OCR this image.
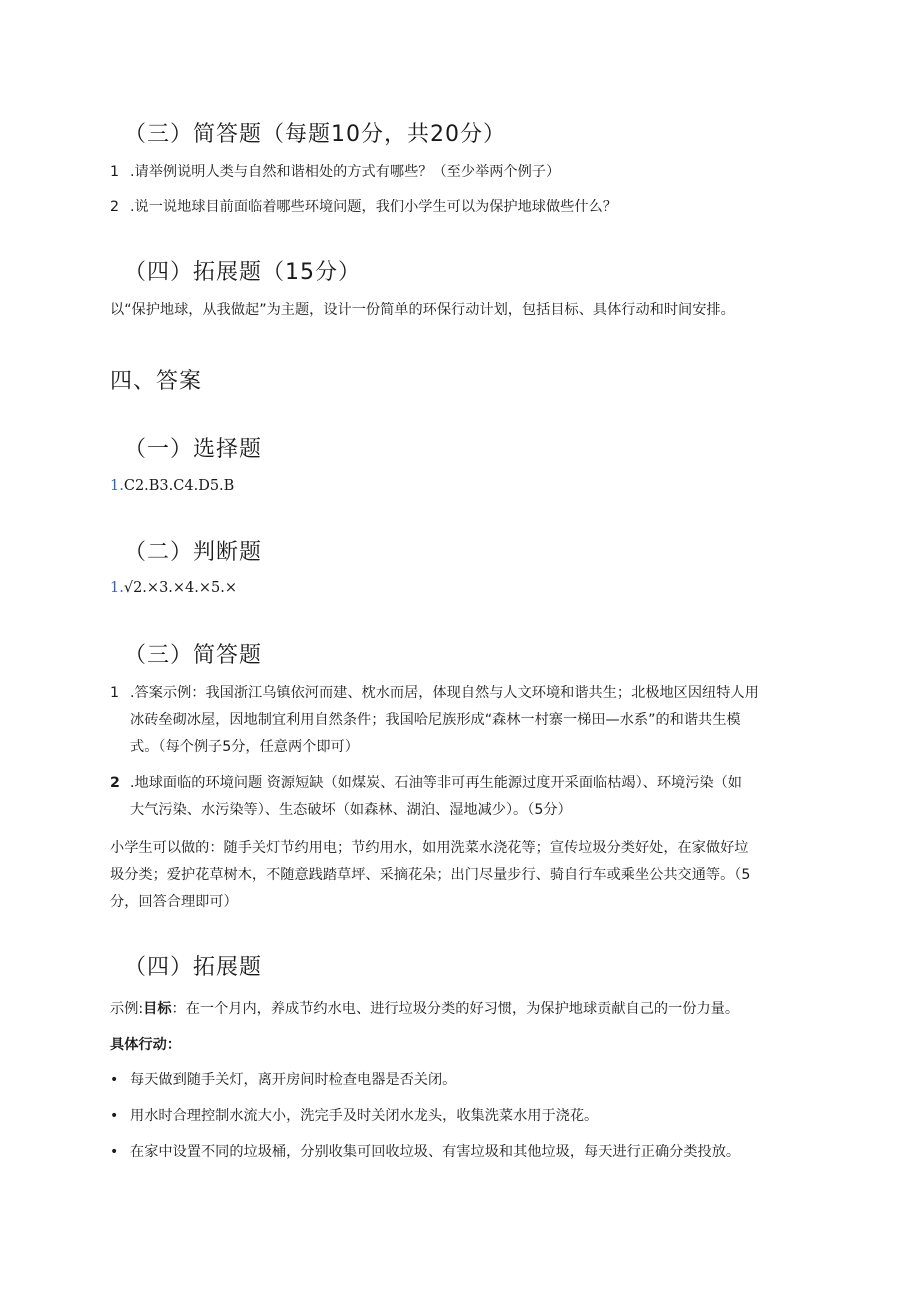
（三）简答题（每题10分，共20分）
1 .请举例说明人类与自然和谐相处的方式有哪些？（至少举两个例子）
2 .说一说地球目前面临着哪些环境问题，我们小学生可以为保护地球做些什么？
（四）拓展题（15分）
以“保护地球，从我做起”为主题，设计一份简单的环保行动计划，包括目标、具体行动和时间安排。
四、答案
（一）选择题
1.C2.B3.C4.D5.B
（二）判断题
1.√2.×3.×4.×5.×
（三）简答题
1 .答案示例：我国浙江乌镇依河而建、枕水而居，体现自然与人文环境和谐共生；北极地区因纽特人用
冰砖垒砌冰屋，因地制宜利用自然条件；我国哈尼族形成“森林一村寨一梯田—水系”的和谐共生模
式。（每个例子5分，任意两个即可）
2 .地球面临的环境问题 资源短缺（如煤炭、石油等非可再生能源过度开采面临枯竭）、环境污染（如
大气污染、水污染等）、生态破坏（如森林、湖泊、湿地减少）。（5分）
小学生可以做的：随手关灯节约用电；节约用水，如用洗菜水浇花等；宣传垃圾分类好处，在家做好垃
圾分类；爱护花草树木，不随意践踏草坪、采摘花朵；出门尽量步行、骑自行车或乘坐公共交通等。（5
分，回答合理即可）
（四）拓展题
示例:目标：在一个月内，养成节约水电、进行垃圾分类的好习惯，为保护地球贡献自己的一份力量。
具体行动：
• 每天做到随手关灯，离开房间时检查电器是否关闭。
• 用水时合理控制水流大小，洗完手及时关闭水龙头，收集洗菜水用于浇花。
• 在家中设置不同的垃圾桶，分别收集可回收垃圾、有害垃圾和其他垃圾，每天进行正确分类投放。
